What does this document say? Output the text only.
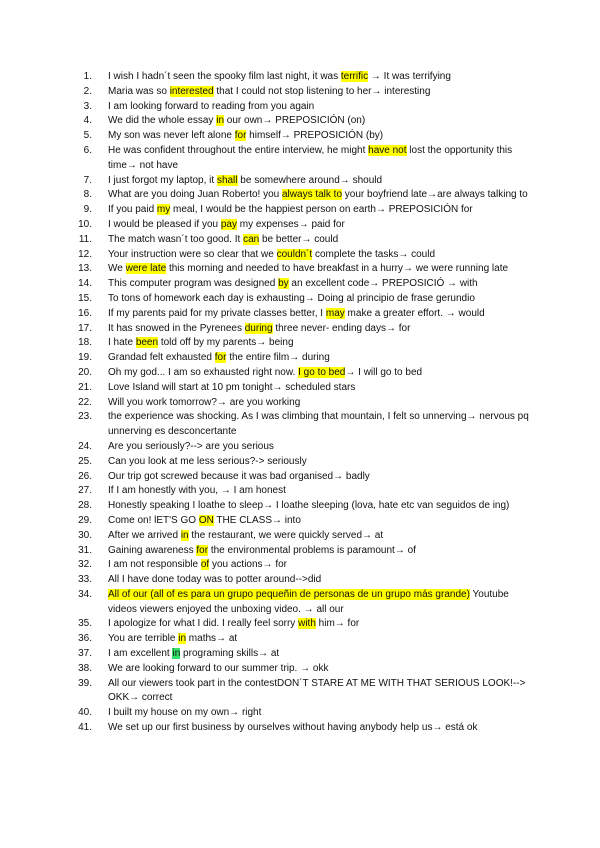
1.	I wish I hadn´t seen the spooky film last night, it was terrific → It was terrifying
2.	Maria was so interested that I could not stop listening to her→ interesting
3.	I am looking forward to reading from you again
4.	We did the whole essay in our own→ PREPOSICIÓN (on)
5.	My son was never left alone for himself→ PREPOSICIÓN (by)
6.	He was confident throughout the entire interview, he might have not lost the opportunity this time→ not have
7.	I just forgot my laptop, it shall be somewhere around→ should
8.	What are you doing Juan Roberto! you always talk to your boyfriend late→are always talking to
9.	If you paid my meal, I would be the happiest person on earth→ PREPOSICIÓN for
10.	I would be pleased if you pay my expenses→ paid for
11.	The match wasn´t too good. It can be better→ could
12.	Your instruction were so clear that we couldn´t complete the tasks→ could
13.	We were late this morning and needed to have breakfast in a hurry→ we were running late
14.	This computer program was designed by an excellent code→ PREPOSICIÓ → with
15.	To tons of homework each day is exhausting→ Doing al principio de frase gerundio
16.	If my parents paid for my private classes better, I may make a greater effort. → would
17.	It has snowed in the Pyrenees during three never- ending days→ for
18.	I hate been told off by my parents→ being
19.	Grandad felt exhausted for the entire film→ during
20.	Oh my god... I am so exhausted right now. I go to bed→ I will go to bed
21.	Love Island will start at 10 pm tonight→ scheduled stars
22.	Will you work tomorrow?→ are you working
23.	the experience was shocking. As I was climbing that mountain, I felt so unnerving→ nervous pq unnerving es desconcertante
24.	Are you seriously?--> are you serious
25.	Can you look at me less serious?-> seriously
26.	Our trip got screwed because it was bad organised→ badly
27.	If I am honestly with you, → I am honest
28.	Honestly speaking I loathe to sleep→ I loathe sleeping (lova, hate etc van seguidos de ing)
29.	Come on! lET'S GO ON THE CLASS→ into
30.	After we arrived in the restaurant, we were quickly served→ at
31.	Gaining awareness for the environmental problems is paramount→ of
32.	I am not responsible of you actions→ for
33.	All I have done today was to potter around-->did
34.	All of our (all of es para un grupo pequeñin de personas de un grupo más grande) Youtube videos viewers enjoyed the unboxing video. → all our
35.	I apologize for what I did. I really feel sorry with him→ for
36.	You are terrible in maths→ at
37.	I am excellent in programing skills→ at
38.	We are looking forward to our summer trip. → okk
39.	All our viewers took part in the contestDON´T STARE AT ME WITH THAT SERIOUS LOOK!--> OKK→ correct
40.	I built my house on my own→ right
41.	We set up our first business by ourselves without having anybody help us→ está ok
